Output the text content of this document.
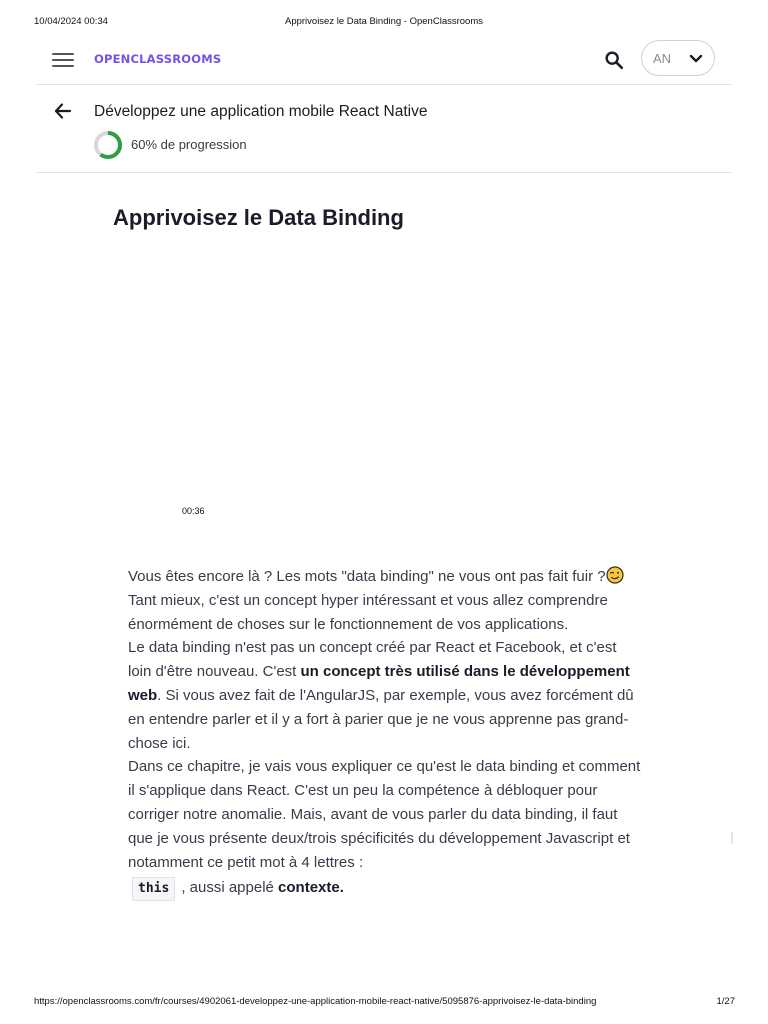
10/04/2024 00:34	Apprivoisez le Data Binding - OpenClassrooms
OPENCLASSROOMS	AN
Développez une application mobile React Native
60% de progression
Apprivoisez le Data Binding
00:36

Vous êtes encore là ? Les mots "data binding" ne vous ont pas fait fuir ? Tant mieux, c'est un concept hyper intéressant et vous allez comprendre énormément de choses sur le fonctionnement de vos applications.

Le data binding n'est pas un concept créé par React et Facebook, et c'est loin d'être nouveau. C'est un concept très utilisé dans le développement web. Si vous avez fait de l'AngularJS, par exemple, vous avez forcément dû en entendre parler et il y a fort à parier que je ne vous apprenne pas grand-chose ici.

Dans ce chapitre, je vais vous expliquer ce qu'est le data binding et comment il s'applique dans React. C'est un peu la compétence à débloquer pour corriger notre anomalie. Mais, avant de vous parler du data binding, il faut que je vous présente deux/trois spécificités du développement Javascript et notamment ce petit mot à 4 lettres :
this , aussi appelé contexte.

https://openclassrooms.com/fr/courses/4902061-developpez-une-application-mobile-react-native/5095876-apprivoisez-le-data-binding	1/27
